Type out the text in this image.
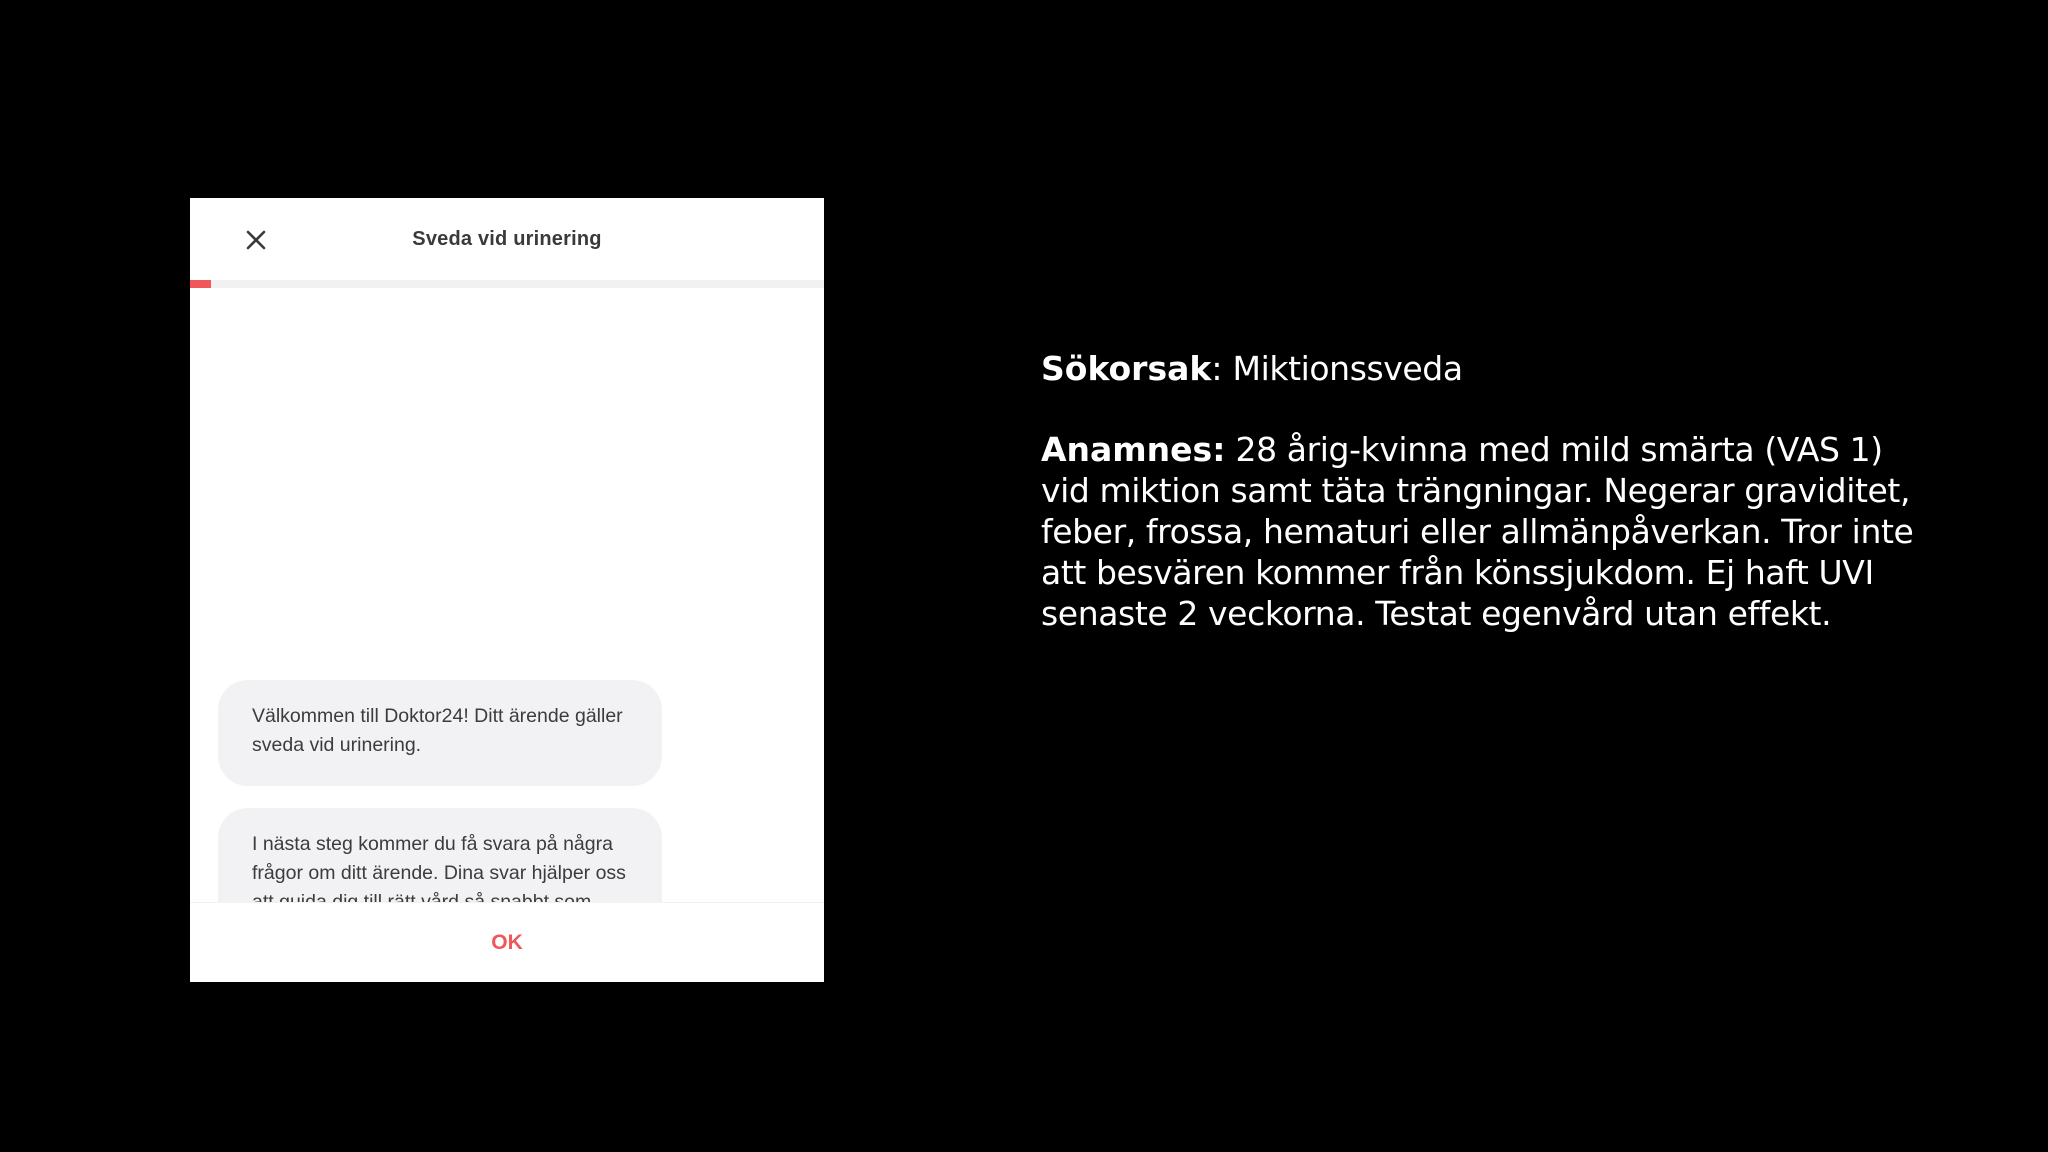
Sveda vid urinering
Välkommen till Doktor24! Ditt ärende gäller sveda vid urinering.
I nästa steg kommer du få svara på några frågor om ditt ärende. Dina svar hjälper oss
OK

Sökorsak: Miktionssveda

Anamnes: 28 årig-kvinna med mild smärta (VAS 1) vid miktion samt täta trängningar. Negerar graviditet, feber, frossa, hematuri eller allmänpåverkan. Tror inte att besvären kommer från könssjukdom. Ej haft UVI senaste 2 veckorna. Testat egenvård utan effekt.
